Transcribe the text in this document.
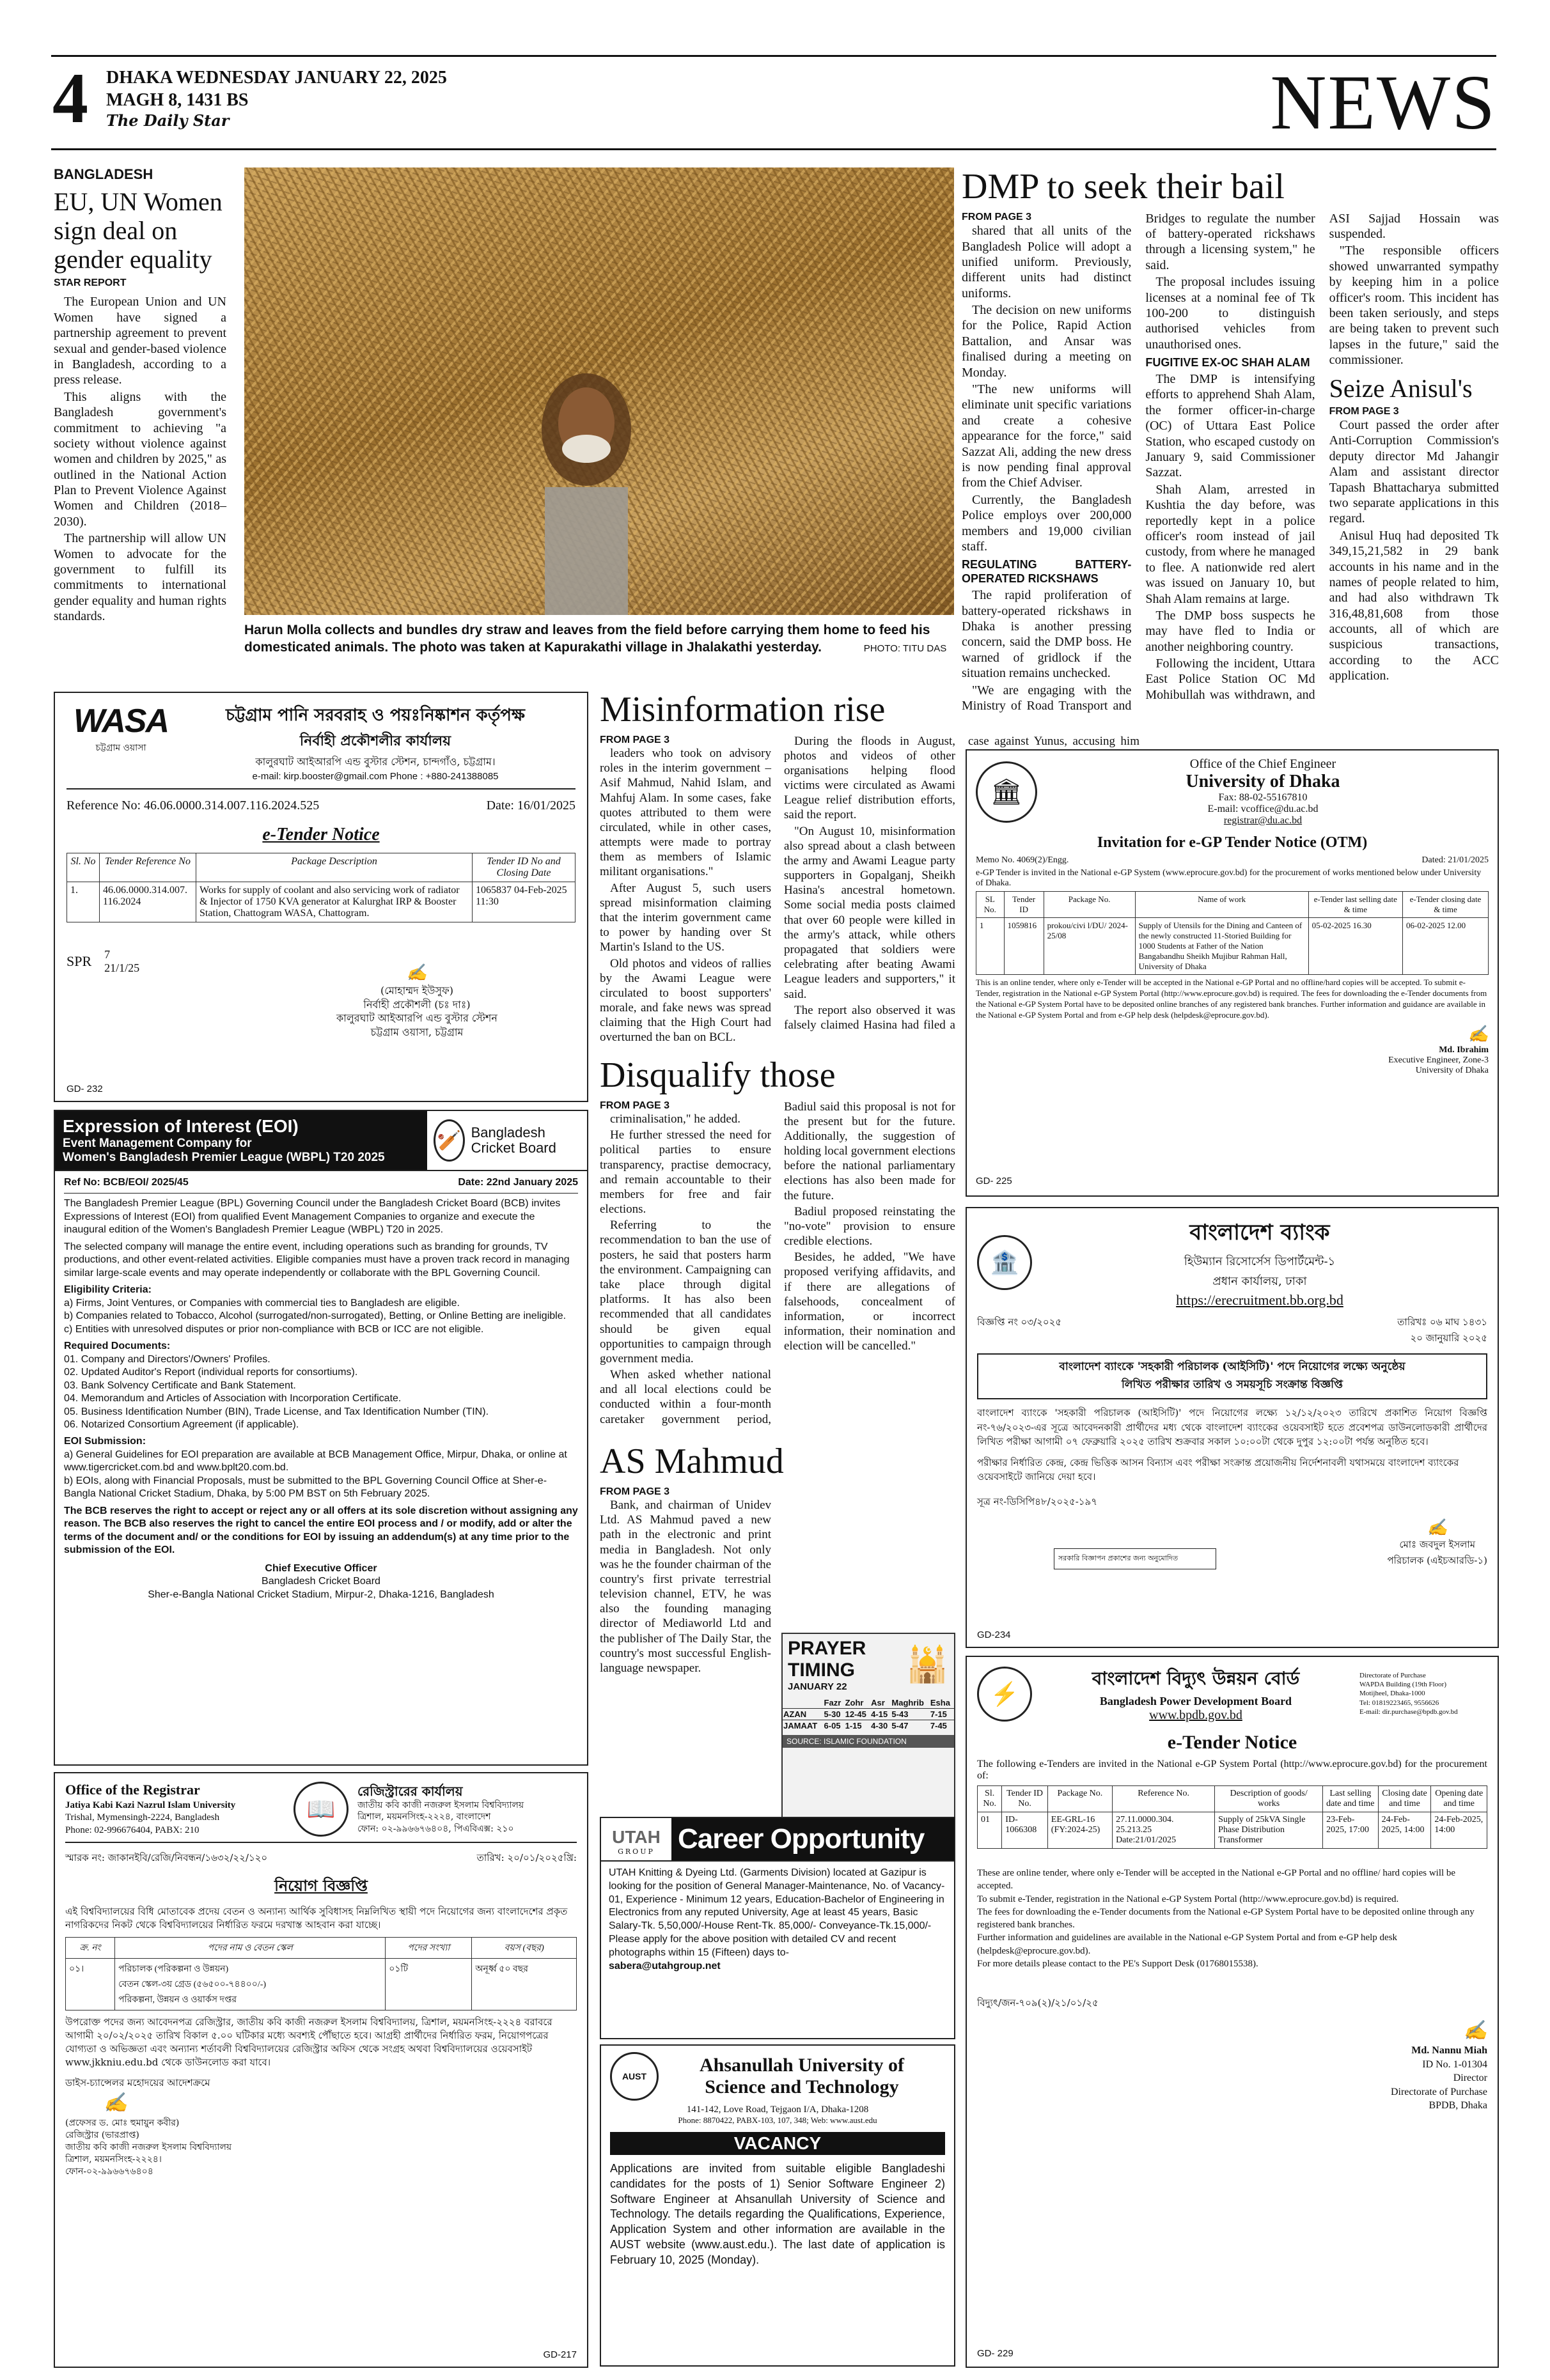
4	DHAKA WEDNESDAY JANUARY 22, 2025
MAGH 8, 1431 BS
The Daily Star	NEWS
BANGLADESH
EU, UN Women sign deal on gender equality
STAR REPORT

The European Union and UN Women have signed a partnership agreement to prevent sexual and gender-based violence in Bangladesh, according to a press release.

This aligns with the Bangladesh government's commitment to achieving "a society without violence against women and children by 2025," as outlined in the National Action Plan to Prevent Violence Against Women and Children (2018–2030).

The partnership will allow UN Women to advocate for the government to fulfill its commitments to international gender equality and human rights standards.

Harun Molla collects and bundles dry straw and leaves from the field before carrying them home to feed his domesticated animals. The photo was taken at Kapurakathi village in Jhalakathi yesterday.	PHOTO: TITU DAS
DMP to seek their bail
FROM PAGE 3

shared that all units of the Bangladesh Police will adopt a unified uniform. Previously, different units had distinct uniforms.

The decision on new uniforms for the Police, Rapid Action Battalion, and Ansar was finalised during a meeting on Monday.

"The new uniforms will eliminate unit specific variations and create a cohesive appearance for the force," said Sazzat Ali, adding the new dress is now pending final approval from the Chief Adviser.

Currently, the Bangladesh Police employs over 200,000 members and 19,000 civilian staff.

REGULATING BATTERY-OPERATED RICKSHAWS

The rapid proliferation of battery-operated rickshaws in Dhaka is another pressing concern, said the DMP boss. He warned of gridlock if the situation remains unchecked.

"We are engaging with the Ministry of Road Transport and Bridges to regulate the number of battery-operated rickshaws through a licensing system," he said.

The proposal includes issuing licenses at a nominal fee of Tk 100-200 to distinguish authorised vehicles from unauthorised ones.

FUGITIVE EX-OC SHAH ALAM

The DMP is intensifying efforts to apprehend Shah Alam, the former officer-in-charge (OC) of Uttara East Police Station, who escaped custody on January 9, said Commissioner Sazzat.

Shah Alam, arrested in Kushtia the day before, was reportedly kept in a police officer's room instead of jail custody, from where he managed to flee. A nationwide red alert was issued on January 10, but Shah Alam remains at large.

The DMP boss suspects he may have fled to India or another neighboring country.

Following the incident, Uttara East Police Station OC Md Mohibullah was withdrawn, and ASI Sajjad Hossain was suspended.

"The responsible officers showed unwarranted sympathy by keeping him in a police officer's room. This incident has been taken seriously, and steps are being taken to prevent such lapses in the future," said the commissioner.

Seize Anisul's
FROM PAGE 3

Court passed the order after Anti-Corruption Commission's deputy director Md Jahangir Alam and assistant director Tapash Bhattacharya submitted two separate applications in this regard.

Anisul Huq had deposited Tk 349,15,21,582 in 29 bank accounts in his name and in the names of people related to him, and had also withdrawn Tk 316,48,81,608 from those accounts, all of which are suspicious transactions, according to the ACC application.

WASA
চট্টগ্রাম ওয়াসা
চট্টগ্রাম পানি সরবরাহ ও পয়ঃনিষ্কাশন কর্তৃপক্ষ
নির্বাহী প্রকৌশলীর কার্যালয়
কালুরঘাট আইআরপি এন্ড বুস্টার স্টেশন, চান্দগাঁও, চট্টগ্রাম।
e-mail: kirp.booster@gmail.com Phone : +880-241388085
Reference No: 46.06.0000.314.007.116.2024.525	Date: 16/01/2025
e-Tender Notice
Sl. No	Tender Reference No	Package Description	Tender ID No and Closing Date
1.	46.06.0000.314.007. 116.2024	Works for supply of coolant and also servicing work of radiator & Injector of 1750 KVA generator at Kalurghat IRP & Booster Station, Chattogram WASA, Chattogram.	1065837 04-Feb-2025 11:30
SPR 7 21/1/25	✍
(মোহাম্মদ ইউসুফ)
নির্বাহী প্রকৌশলী (চঃ দাঃ)
কালুরঘাট আইআরপি এন্ড বুস্টার স্টেশন
চট্টগ্রাম ওয়াসা, চট্টগ্রাম
GD- 232
Expression of Interest (EOI)
Event Management Company for
Women's Bangladesh Premier League (WBPL) T20 2025
🏏 Bangladesh Cricket Board
Ref No: BCB/EOI/ 2025/45	Date: 22nd January 2025
The Bangladesh Premier League (BPL) Governing Council under the Bangladesh Cricket Board (BCB) invites Expressions of Interest (EOI) from qualified Event Management Companies to organize and execute the inaugural edition of the Women's Bangladesh Premier League (WBPL) T20 in 2025.
The selected company will manage the entire event, including operations such as branding for grounds, TV productions, and other event-related activities. Eligible companies must have a proven track record in managing similar large-scale events and may operate independently or collaborate with the BPL Governing Council.
Eligibility Criteria:
a) Firms, Joint Ventures, or Companies with commercial ties to Bangladesh are eligible.
b) Companies related to Tobacco, Alcohol (surrogated/non-surrogated), Betting, or Online Betting are ineligible.
c) Entities with unresolved disputes or prior non-compliance with BCB or ICC are not eligible.
Required Documents:
01. Company and Directors'/Owners' Profiles.
02. Updated Auditor's Report (individual reports for consortiums).
03. Bank Solvency Certificate and Bank Statement.
04. Memorandum and Articles of Association with Incorporation Certificate.
05. Business Identification Number (BIN), Trade License, and Tax Identification Number (TIN).
06. Notarized Consortium Agreement (if applicable).
EOI Submission:
a) General Guidelines for EOI preparation are available at BCB Management Office, Mirpur, Dhaka, or online at www.tigercricket.com.bd and www.bplt20.com.bd.
b) EOIs, along with Financial Proposals, must be submitted to the BPL Governing Council Office at Sher-e-Bangla National Cricket Stadium, Dhaka, by 5:00 PM BST on 5th February 2025.
The BCB reserves the right to accept or reject any or all offers at its sole discretion without assigning any reason. The BCB also reserves the right to cancel the entire EOI process and / or modify, add or alter the terms of the document and/ or the conditions for EOI by issuing an addendum(s) at any time prior to the submission of the EOI.
Chief Executive Officer
Bangladesh Cricket Board
Sher-e-Bangla National Cricket Stadium, Mirpur-2, Dhaka-1216, Bangladesh
Office of the Registrar
Jatiya Kabi Kazi Nazrul Islam University
Trishal, Mymensingh-2224, Bangladesh
Phone: 02-996676404, PABX: 210
📖
রেজিস্ট্রারের কার্যালয়
জাতীয় কবি কাজী নজরুল ইসলাম বিশ্ববিদ্যালয়
ত্রিশাল, ময়মনসিংহ-২২২৪, বাংলাদেশ
ফোন: ০২-৯৯৬৬৭৬৪০৪, পিএবিএক্স: ২১০
স্মারক নং: জাকানইবি/রেজি/নিবন্ধন/১৬৩২/২২/১২০	তারিখ: ২০/০১/২০২৫খ্রি:
নিয়োগ বিজ্ঞপ্তি
এই বিশ্ববিদ্যালয়ের বিধি মোতাবেক প্রদেয় বেতন ও অন্যান্য আর্থিক সুবিধাসহ নিম্নলিখিত স্থায়ী পদে নিয়োগের জন্য বাংলাদেশের প্রকৃত নাগরিকদের নিকট থেকে বিশ্ববিদ্যালয়ের নির্ধারিত ফরমে দরখাস্ত আহবান করা যাচ্ছে।
ক্র. নং	পদের নাম ও বেতন স্কেল	পদের সংখ্যা	বয়স (বছর)
০১।	পরিচালক (পরিকল্পনা ও উন্নয়ন)
বেতন স্কেল-৩য় গ্রেড (৫৬৫০০-৭৪৪০০/-)
পরিকল্পনা, উন্নয়ন ও ওয়ার্কস দপ্তর	০১টি	অনূর্ধ্ব ৫০ বছর
উপরোক্ত পদের জন্য আবেদনপত্র রেজিস্ট্রার, জাতীয় কবি কাজী নজরুল ইসলাম বিশ্ববিদ্যালয়, ত্রিশাল, ময়মনসিংহ-২২২৪ বরাবরে আগামী ২০/০২/২০২৫ তারিখ বিকাল ৫.০০ ঘটিকার মধ্যে অবশ্যই পৌঁছাতে হবে। আগ্রহী প্রার্থীদের নির্ধারিত ফরম, নিয়োগপত্রের যোগ্যতা ও অভিজ্ঞতা এবং অন্যান্য শর্তাবলী বিশ্ববিদ্যালয়ের রেজিস্ট্রার অফিস থেকে সংগ্রহ অথবা বিশ্ববিদ্যালয়ের ওয়েবসাইট www.jkkniu.edu.bd থেকে ডাউনলোড করা যাবে।
ডাইস-চ্যান্সেলর মহোদয়ের আদেশক্রমে
✍
(প্রফেসর ড. মোঃ হুমায়ুন কবীর)
রেজিস্ট্রার (ভারপ্রাপ্ত)
জাতীয় কবি কাজী নজরুল ইসলাম বিশ্ববিদ্যালয়
ত্রিশাল, ময়মনসিংহ-২২২৪।
ফোন-০২-৯৯৬৬৭৬৪০৪
GD-217
Misinformation rise
FROM PAGE 3

leaders who took on advisory roles in the interim government – Asif Mahmud, Nahid Islam, and Mahfuj Alam. In some cases, fake quotes attributed to them were circulated, while in other cases, attempts were made to portray them as members of Islamic militant organisations."

After August 5, such users spread misinformation claiming that the interim government came to power by handing over St Martin's Island to the US.

Old photos and videos of rallies by the Awami League were circulated to boost supporters' morale, and fake news was spread claiming that the High Court had overturned the ban on BCL.

During the floods in August, photos and videos of other organisations helping flood victims were circulated as Awami League relief distribution efforts, said the report.

"On August 10, misinformation also spread about a clash between the army and Awami League party supporters in Gopalganj, Sheikh Hasina's ancestral hometown. Some social media posts claimed that over 60 people were killed in the army's attack, while others propagated that soldiers were celebrating after beating Awami League leaders and supporters," it said.

The report also observed it was falsely claimed Hasina had filed a case against Yunus, accusing him

Disqualify those
FROM PAGE 3

criminalisation," he added.

He further stressed the need for political parties to ensure transparency, practise democracy, and remain accountable to their members for free and fair elections.

Referring to the recommendation to ban the use of posters, he said that posters harm the environment. Campaigning can take place through digital platforms. It has also been recommended that all candidates should be given equal opportunities to campaign through government media.

When asked whether national and all local elections could be conducted within a four-month caretaker government period, Badiul said this proposal is not for the present but for the future. Additionally, the suggestion of holding local government elections before the national parliamentary elections has also been made for the future.

Badiul proposed reinstating the "no-vote" provision to ensure credible elections.

Besides, he added, "We have proposed verifying affidavits, and if there are allegations of falsehoods, concealment of information, or incorrect information, their nomination and election will be cancelled."

AS Mahmud
FROM PAGE 3

Bank, and chairman of Unidev Ltd. AS Mahmud paved a new path in the electronic and print media in Bangladesh. Not only was he the founder chairman of the country's first private terrestrial television channel, ETV, he was also the founding managing director of Mediaworld Ltd and the publisher of The Daily Star, the country's most successful English-language newspaper.

PRAYER
TIMING
JANUARY 22
🕌
	Fazr	Zohr	Asr	Maghrib	Esha
AZAN	5-30	12-45	4-15	5-43	7-15
JAMAAT	6-05	1-15	4-30	5-47	7-45
SOURCE: ISLAMIC FOUNDATION
UTAH
GROUP Career Opportunity
UTAH Knitting & Dyeing Ltd. (Garments Division) located at Gazipur is looking for the position of General Manager-Maintenance, No. of Vacancy- 01, Experience - Minimum 12 years, Education-Bachelor of Engineering in Electronics from any reputed University, Age at least 45 years, Basic Salary-Tk. 5,50,000/-House Rent-Tk. 85,000/- Conveyance-Tk.15,000/-
Please apply for the above position with detailed CV and recent photographs within 15 (Fifteen) days to-
sabera@utahgroup.net
AUST
Ahsanullah University of
Science and Technology
141-142, Love Road, Tejgaon I/A, Dhaka-1208
Phone: 8870422, PABX-103, 107, 348; Web: www.aust.edu
VACANCY
Applications are invited from suitable eligible Bangladeshi candidates for the posts of 1) Senior Software Engineer 2) Software Engineer at Ahsanullah University of Science and Technology. The details regarding the Qualifications, Experience, Application System and other information are available in the AUST website (www.aust.edu.). The last date of application is February 10, 2025 (Monday).
🏛
Office of the Chief Engineer
University of Dhaka
Fax: 88-02-55167810
E-mail: vcoffice@du.ac.bd
registrar@du.ac.bd
Invitation for e-GP Tender Notice (OTM)
Memo No. 4069(2)/Engg.	Dated: 21/01/2025
e-GP Tender is invited in the National e-GP System (www.eprocure.gov.bd) for the procurement of works mentioned below under University of Dhaka.
SL No.	Tender ID	Package No.	Name of work	e-Tender last selling date & time	e-Tender closing date & time
1	1059816	prokou/civi l/DU/ 2024-25/08	Supply of Utensils for the Dining and Canteen of the newly constructed 11-Storied Building for 1000 Students at Father of the Nation Bangabandhu Sheikh Mujibur Rahman Hall, University of Dhaka	05-02-2025 16.30	06-02-2025 12.00
This is an online tender, where only e-Tender will be accepted in the National e-GP Portal and no offline/hard copies will be accepted. To submit e-Tender, registration in the National e-GP System Portal (http://www.eprocure.gov.bd) is required. The fees for downloading the e-Tender documents from the National e-GP System Portal have to be deposited online branches of any registered bank branches. Further information and guidance are available in the National e-GP System Portal and from e-GP help desk (helpdesk@eprocure.gov.bd).
✍
Md. Ibrahim
Executive Engineer, Zone-3
University of Dhaka
GD- 225
🏦
বাংলাদেশ ব্যাংক
হিউম্যান রিসোর্সেস ডিপার্টমেন্ট-১
প্রধান কার্যালয়, ঢাকা
https://erecruitment.bb.org.bd
বিজ্ঞপ্তি নং ০৩/২০২৫	তারিখঃ ০৬ মাঘ ১৪৩১
২০ জানুয়ারি ২০২৫
বাংলাদেশ ব্যাংকে 'সহকারী পরিচালক (আইসিটি)' পদে নিয়োগের লক্ষ্যে অনুষ্ঠেয়
লিখিত পরীক্ষার তারিখ ও সময়সূচি সংক্রান্ত বিজ্ঞপ্তি
বাংলাদেশ ব্যাংকে 'সহকারী পরিচালক (আইসিটি)' পদে নিয়োগের লক্ষ্যে ১২/১২/২০২৩ তারিখে প্রকাশিত নিয়োগ বিজ্ঞপ্তি নং-৭৬/২০২৩-এর সূত্রে আবেদনকারী প্রার্থীদের মধ্য থেকে বাংলাদেশ ব্যাংকের ওয়েবসাইট হতে প্রবেশপত্র ডাউনলোডকারী প্রার্থীদের লিখিত পরীক্ষা আগামী ০৭ ফেব্রুয়ারি ২০২৫ তারিখ শুক্রবার সকাল ১০:০০টা থেকে দুপুর ১২:০০টা পর্যন্ত অনুষ্ঠিত হবে।
পরীক্ষার নির্ধারিত কেন্দ্র, কেন্দ্র ভিত্তিক আসন বিন্যাস এবং পরীক্ষা সংক্রান্ত প্রয়োজনীয় নির্দেশনাবলী যথাসময়ে বাংলাদেশ ব্যাংকের ওয়েবসাইটে জানিয়ে দেয়া হবে।
সূত্র নং-ডিসিপি৪৮/২০২৫-১৯৭
সরকারি বিজ্ঞাপন প্রকাশের জন্য অনুমোদিত
✍
মোঃ জবদুল ইসলাম
পরিচালক (এইচআরডি-১)
GD-234
⚡
বাংলাদেশ বিদ্যুৎ উন্নয়ন বোর্ড
Bangladesh Power Development Board
www.bpdb.gov.bd
Directorate of Purchase
WAPDA Building (19th Floor)
Motijheel, Dhaka-1000
Tel: 01819223465, 9556626
E-mail: dir.purchase@bpdb.gov.bd
e-Tender Notice
The following e-Tenders are invited in the National e-GP System Portal (http://www.eprocure.gov.bd) for the procurement of:
Sl. No.	Tender ID No.	Package No.	Reference No.	Description of goods/ works	Last selling date and time	Closing date and time	Opening date and time
01	ID-1066308	EE-GRL-16 (FY:2024-25)	27.11.0000.304. 25.213.25 Date:21/01/2025	Supply of 25kVA Single Phase Distribution Transformer	23-Feb-2025, 17:00	24-Feb-2025, 14:00	24-Feb-2025, 14:00
These are online tender, where only e-Tender will be accepted in the National e-GP Portal and no offline/ hard copies will be accepted.
To submit e-Tender, registration in the National e-GP System Portal (http://www.eprocure.gov.bd) is required.
The fees for downloading the e-Tender documents from the National e-GP System Portal have to be deposited online through any registered bank branches.
Further information and guidelines are available in the National e-GP System Portal and from e-GP help desk (helpdesk@eprocure.gov.bd).
For more details please contact to the PE's Support Desk (01768015538).
বিদ্যুৎ/জন-৭০৯(২)/২১/০১/২৫
✍
Md. Nannu Miah
ID No. 1-01304
Director
Directorate of Purchase
BPDB, Dhaka
GD- 229
